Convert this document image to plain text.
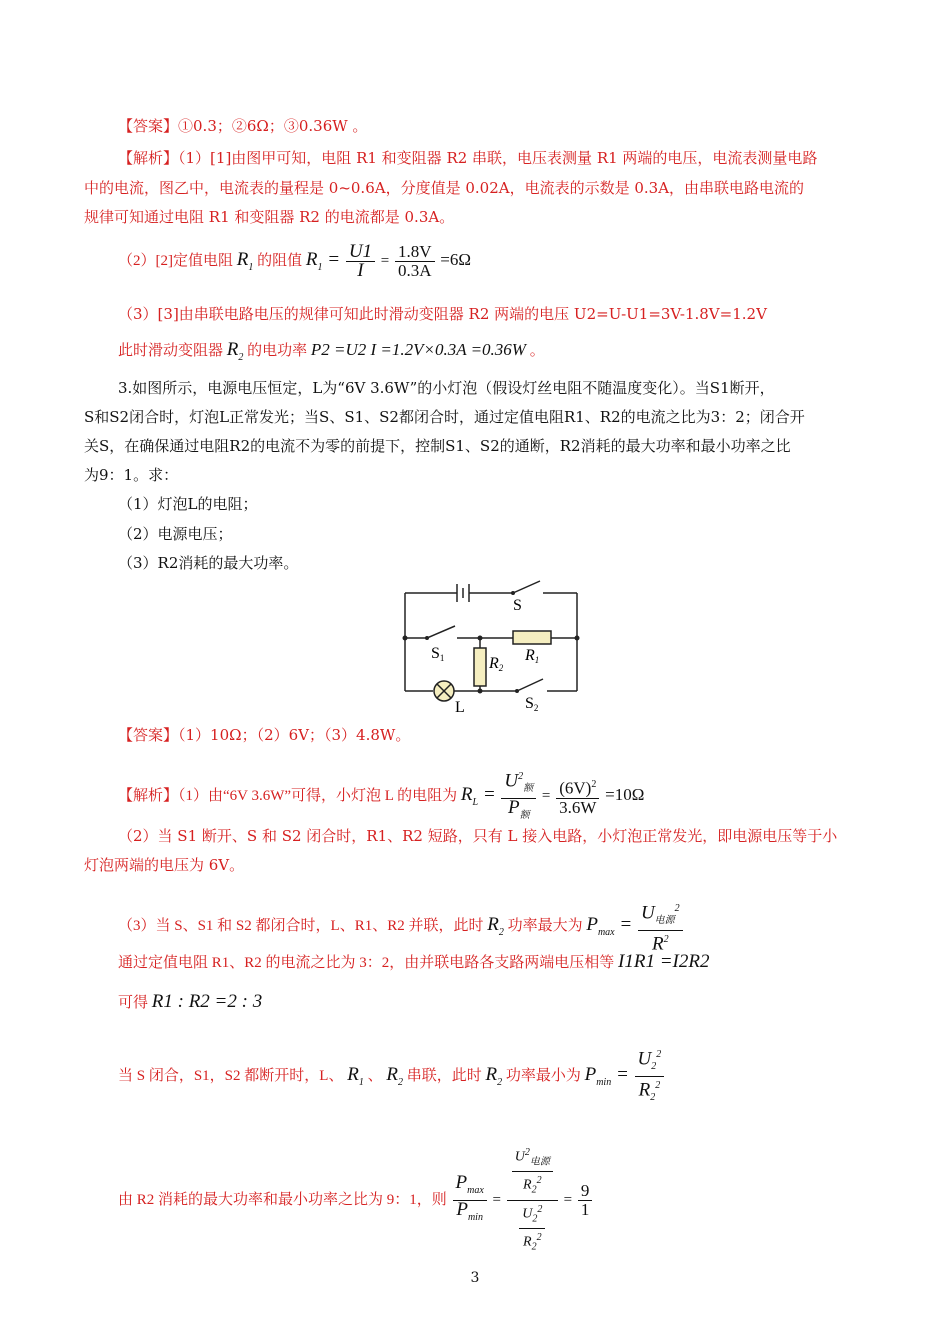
【答案】①0.3；②6Ω；③0.36W 。
【解析】（1）[1]由图甲可知，电阻 R1 和变阻器 R2 串联，电压表测量 R1 两端的电压，电流表测量电路
中的电流，图乙中，电流表的量程是 0~0.6A，分度值是 0.02A，电流表的示数是 0.3A，由串联电路电流的
规律可知通过电阻 R1 和变阻器 R2 的电流都是 0.3A。
（2）[2]定值电阻 $R_1$ 的阻值 $R_1 = \frac{U1}{I} = \frac{1.8V}{0.3A} =6\Omega$
（3）[3]由串联电路电压的规律可知此时滑动变阻器 R2 两端的电压 U2=U-U1=3V-1.8V=1.2V
此时滑动变阻器 $R_2$ 的电功率 P2 =U2 I =1.2V×0.3A =0.36W 。
3.如图所示，电源电压恒定，L为“6V 3.6W”的小灯泡（假设灯丝电阻不随温度变化）。当S1断开，
S和S2闭合时，灯泡L正常发光；当S、S1、S2都闭合时，通过定值电阻R1、R2的电流之比为3：2；闭合开
关S，在确保通过电阻R2的电流不为零的前提下，控制S1、S2的通断，R2消耗的最大功率和最小功率之比
为9：1。求：
（1）灯泡L的电阻；
（2）电源电压；
（3）R2消耗的最大功率。
S
S1	R2
R1
L	S2
【答案】（1）10Ω；（2）6V；（3）4.8W。
【解析】（1）由“6V 3.6W”可得，小灯泡 L 的电阻为 $R_L = \frac{U^2_额}{P_额} = \frac{(6V)^2}{3.6W} =10\Omega$
（2）当 S1 断开、S 和 S2 闭合时，R1、R2 短路，只有 L 接入电路，小灯泡正常发光，即电源电压等于小
灯泡两端的电压为 6V。
（3）当 S、S1 和 S2 都闭合时，L、R1、R2 并联，此时 $R_2$ 功率最大为 $P_{max} = \frac{U_{电源}^2}{R^2}$
通过定值电阻 R1、R2 的电流之比为 3：2，由并联电路各支路两端电压相等 I1R1 =I2R2
可得 R1 : R2 =2 : 3
当 S 闭合，S1，S2 都断开时，L、 $R_1$ 、 $R_2$ 串联，此时 $R_2$ 功率最小为 $P_{min} = \frac{U_2^2}{R_2^2}$
由 R2 消耗的最大功率和最小功率之比为 9：1，则 $\frac{P_{max}}{P_{min}} = \frac{\frac{U^2_{电源}}{R_2^2}}{\frac{U_2^2}{R_2^2}} = \frac{9}{1}$
3
